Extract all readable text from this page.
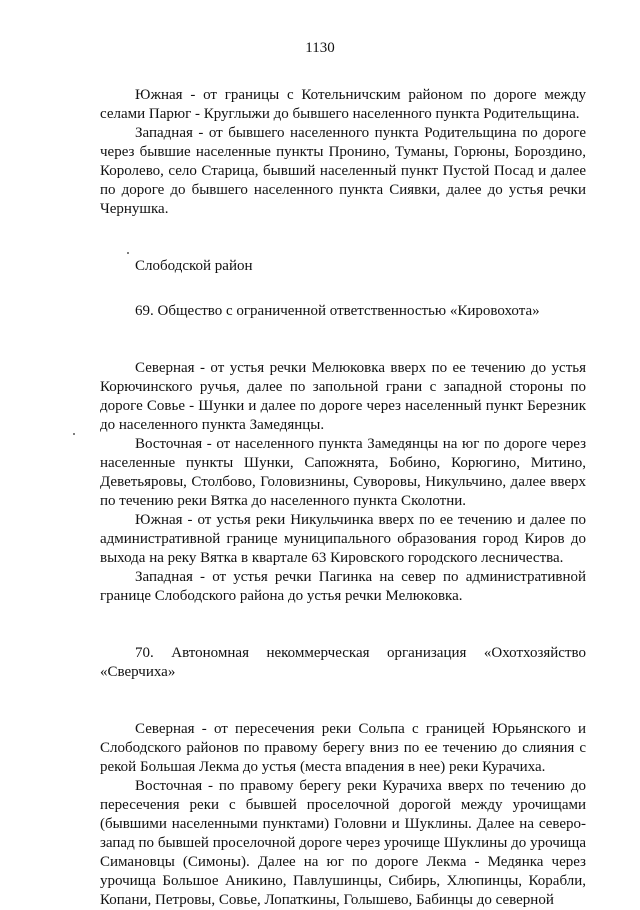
1130

Южная - от границы с Котельничским районом по дороге между селами Парюг - Круглыжи до бывшего населенного пункта Родительщина.

Западная - от бывшего населенного пункта Родительщина по дороге через бывшие населенные пункты Пронино, Туманы, Горюны, Бороздино, Королево, село Старица, бывший населенный пункт Пустой Посад и далее по дороге до бывшего населенного пункта Сиявки, далее до устья речки Чернушка.

Слободской район

69. Общество с ограниченной ответственностью «Кировохота»

Северная - от устья речки Мелюковка вверх по ее течению до устья Корючинского ручья, далее по запольной грани с западной стороны по дороге Совье - Шунки и далее по дороге через населенный пункт Березник до населенного пункта Замедянцы.

Восточная - от населенного пункта Замедянцы на юг по дороге через населенные пункты Шунки, Сапожнята, Бобино, Корюгино, Митино, Деветьяровы, Столбово, Головизнины, Суворовы, Никульчино, далее вверх по течению реки Вятка до населенного пункта Сколотни.

Южная - от устья реки Никульчинка вверх по ее течению и далее по административной границе муниципального образования город Киров до выхода на реку Вятка в квартале 63 Кировского городского лесничества.

Западная - от устья речки Пагинка на север по административной границе Слободского района до устья речки Мелюковка.

70. Автономная некоммерческая организация «Охотхозяйство «Сверчиха»

Северная - от пересечения реки Сольпа с границей Юрьянского и Слободского районов по правому берегу вниз по ее течению до слияния с рекой Большая Лекма до устья (места впадения в нее) реки Курачиха.

Восточная - по правому берегу реки Курачиха вверх по течению до пересечения реки с бывшей проселочной дорогой между урочищами (бывшими населенными пунктами) Головни и Шуклины. Далее на северо-запад по бывшей проселочной дороге через урочище Шуклины до урочища Симановцы (Симоны). Далее на юг по дороге Лекма - Медянка через урочища Большое Аникино, Павлушинцы, Сибирь, Хлюпинцы, Корабли, Копани, Петровы, Совье, Лопаткины, Голышево, Бабинцы до северной
